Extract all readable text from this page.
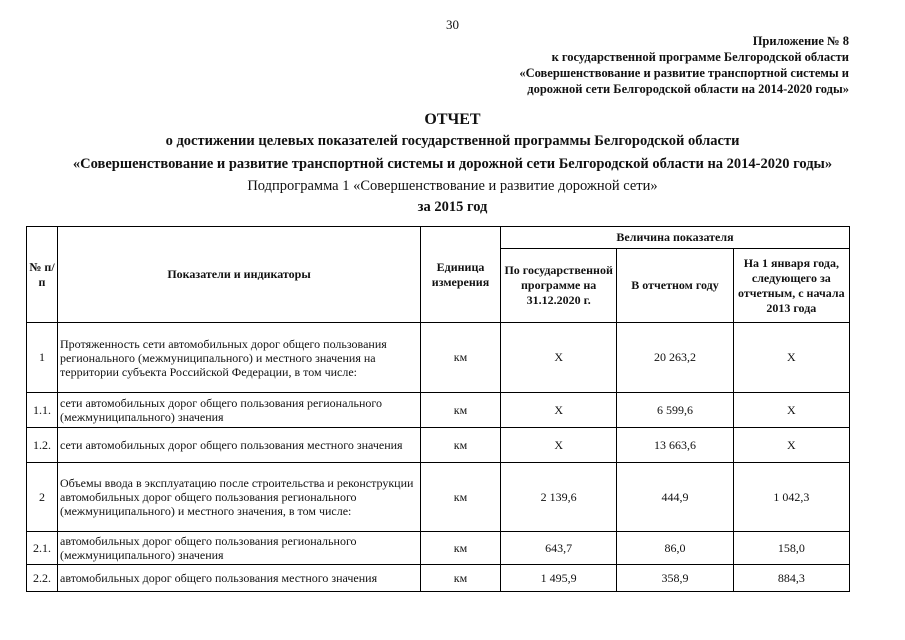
30
Приложение № 8
к государственной программе Белгородской области
«Совершенствование и развитие транспортной системы и
дорожной сети Белгородской области на 2014-2020 годы»
ОТЧЕТ
о достижении целевых показателей государственной программы Белгородской области
«Совершенствование и развитие транспортной системы и дорожной сети Белгородской области на 2014-2020 годы»
Подпрограмма 1 «Совершенствование и развитие дорожной сети»
за 2015 год
№ п/п	Показатели и индикаторы	Единица измерения	Величина показателя		
			По государственной программе на 31.12.2020 г.	В отчетном году	На 1 января года, следующего за отчетным, с начала 2013 года
1	Протяженность сети автомобильных дорог общего пользования регионального (межмуниципального) и местного значения на территории субъекта Российской Федерации, в том числе:	км	X	20 263,2	X
1.1.	сети автомобильных дорог общего пользования регионального (межмуниципального) значения	км	X	6 599,6	X
1.2.	сети автомобильных дорог общего пользования местного значения	км	X	13 663,6	X
2	Объемы ввода в эксплуатацию после строительства и реконструкции автомобильных дорог общего пользования регионального (межмуниципального) и местного значения, в том числе:	км	2 139,6	444,9	1 042,3
2.1.	автомобильных дорог общего пользования регионального (межмуниципального) значения	км	643,7	86,0	158,0
2.2.	автомобильных дорог общего пользования местного значения	км	1 495,9	358,9	884,3
